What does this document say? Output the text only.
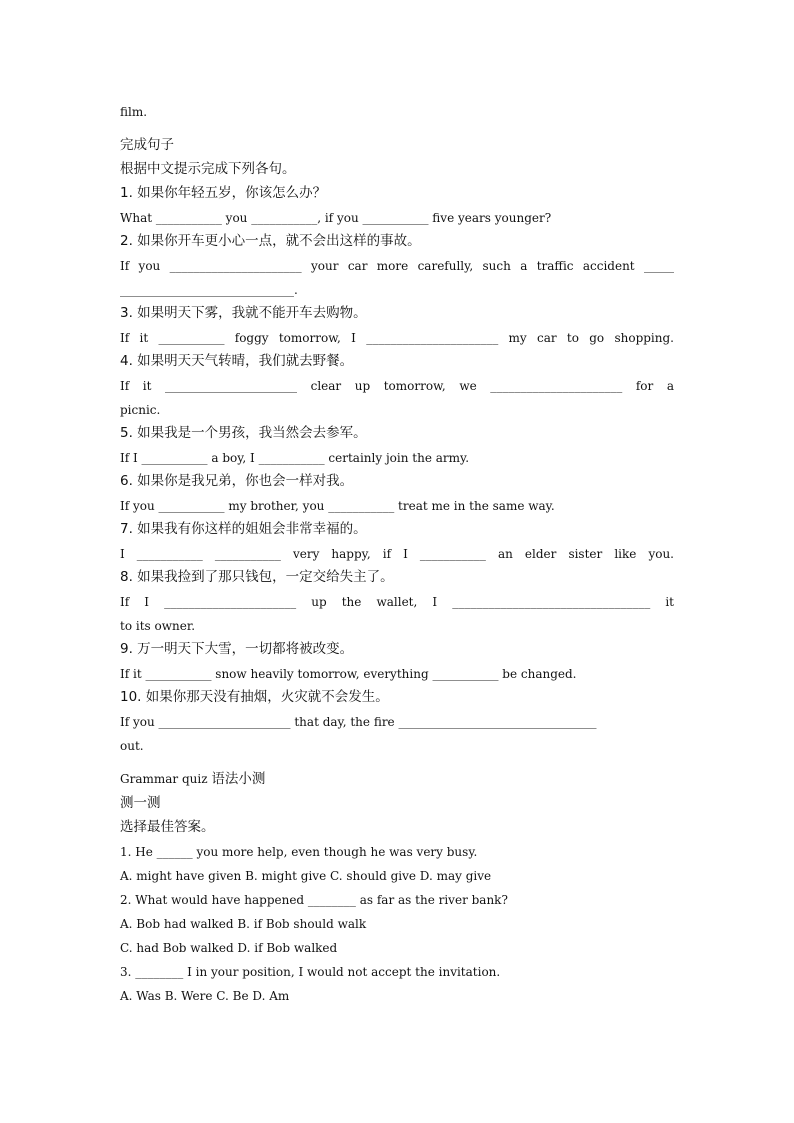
film.
完成句子
根据中文提示完成下列各句。
1. 如果你年轻五岁，你该怎么办？
What ___________ you ___________, if you ___________ five years younger?
2. 如果你开车更小心一点，就不会出这样的事故。
If you ______________________ your car more carefully, such a traffic accident _____
_____________________________.
3. 如果明天下雾，我就不能开车去购物。
If it ___________ foggy tomorrow, I ______________________ my car to go shopping.
4. 如果明天天气转晴，我们就去野餐。
If it ______________________ clear up tomorrow, we ______________________ for a
picnic.
5. 如果我是一个男孩，我当然会去参军。
If I ___________ a boy, I ___________ certainly join the army.
6. 如果你是我兄弟，你也会一样对我。
If you ___________ my brother, you ___________ treat me in the same way.
7. 如果我有你这样的姐姐会非常幸福的。
I ___________ ___________ very happy, if I ___________ an elder sister like you.
8. 如果我捡到了那只钱包，一定交给失主了。
If I ______________________ up the wallet, I _________________________________ it
to its owner.
9. 万一明天下大雪，一切都将被改变。
If it ___________ snow heavily tomorrow, everything ___________ be changed.
10. 如果你那天没有抽烟，火灾就不会发生。
If you ______________________ that day, the fire _________________________________
out.
Grammar quiz 语法小测
测一测
选择最佳答案。
1. He ______ you more help, even though he was very busy.
A. might have given B. might give C. should give D. may give
2. What would have happened ________ as far as the river bank?
A. Bob had walked B. if Bob should walk
C. had Bob walked D. if Bob walked
3. ________ I in your position, I would not accept the invitation.
A. Was B. Were C. Be D. Am
